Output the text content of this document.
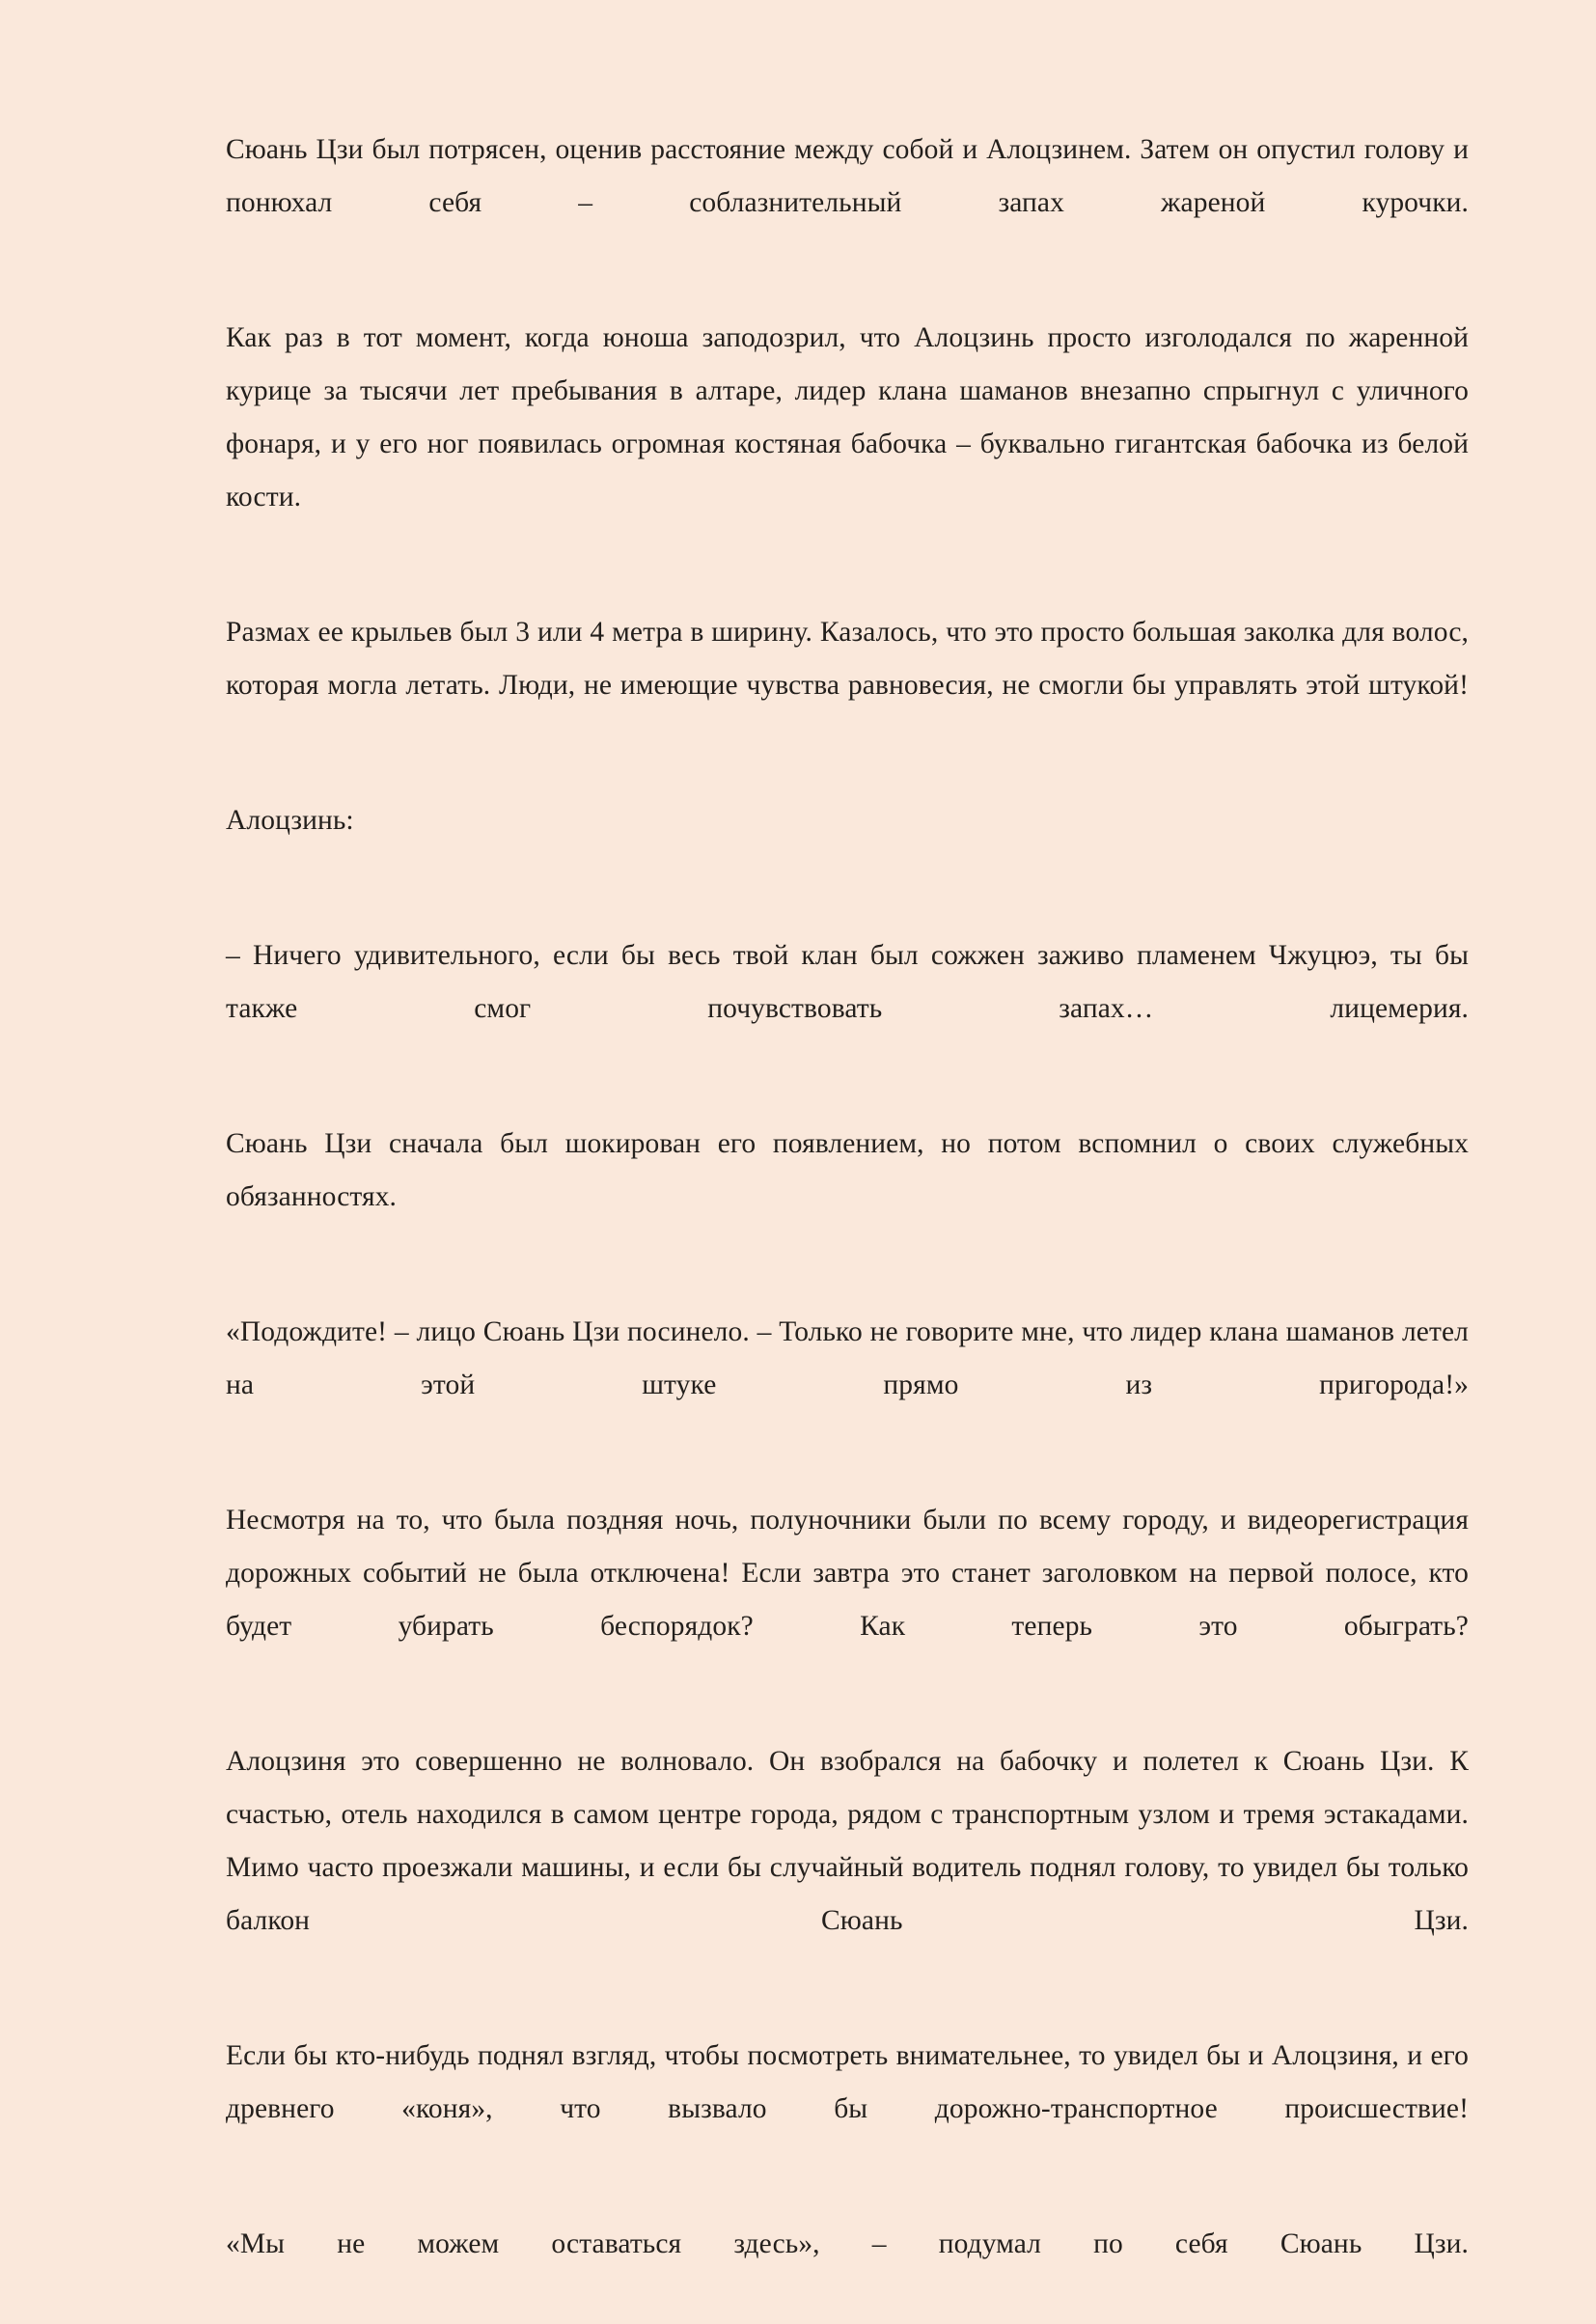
Сюань Цзи был потрясен, оценив расстояние между собой и Алоцзинем. Затем он опустил голову и понюхал себя – соблазнительный запах жареной курочки.

Как раз в тот момент, когда юноша заподозрил, что Алоцзинь просто изголодался по жаренной курице за тысячи лет пребывания в алтаре, лидер клана шаманов внезапно спрыгнул с уличного фонаря, и у его ног появилась огромная костяная бабочка – буквально гигантская бабочка из белой кости.

Размах ее крыльев был 3 или 4 метра в ширину. Казалось, что это просто большая заколка для волос, которая могла летать. Люди, не имеющие чувства равновесия, не смогли бы управлять этой штукой!

Алоцзинь:

– Ничего удивительного, если бы весь твой клан был сожжен заживо пламенем Чжуцюэ, ты бы также смог почувствовать запах… лицемерия.

Сюань Цзи сначала был шокирован его появлением, но потом вспомнил о своих служебных обязанностях.

«Подождите! – лицо Сюань Цзи посинело. – Только не говорите мне, что лидер клана шаманов летел на этой штуке прямо из пригорода!»

Несмотря на то, что была поздняя ночь, полуночники были по всему городу, и видеорегистрация дорожных событий не была отключена! Если завтра это станет заголовком на первой полосе, кто будет убирать беспорядок? Как теперь это обыграть?

Алоцзиня это совершенно не волновало. Он взобрался на бабочку и полетел к Сюань Цзи. К счастью, отель находился в самом центре города, рядом с транспортным узлом и тремя эстакадами. Мимо часто проезжали машины, и если бы случайный водитель поднял голову, то увидел бы только балкон Сюань Цзи.

Если бы кто-нибудь поднял взгляд, чтобы посмотреть внимательнее, то увидел бы и Алоцзиня, и его древнего «коня», что вызвало бы дорожно-транспортное происшествие!

«Мы не можем оставаться здесь», – подумал по себя Сюань Цзи.
